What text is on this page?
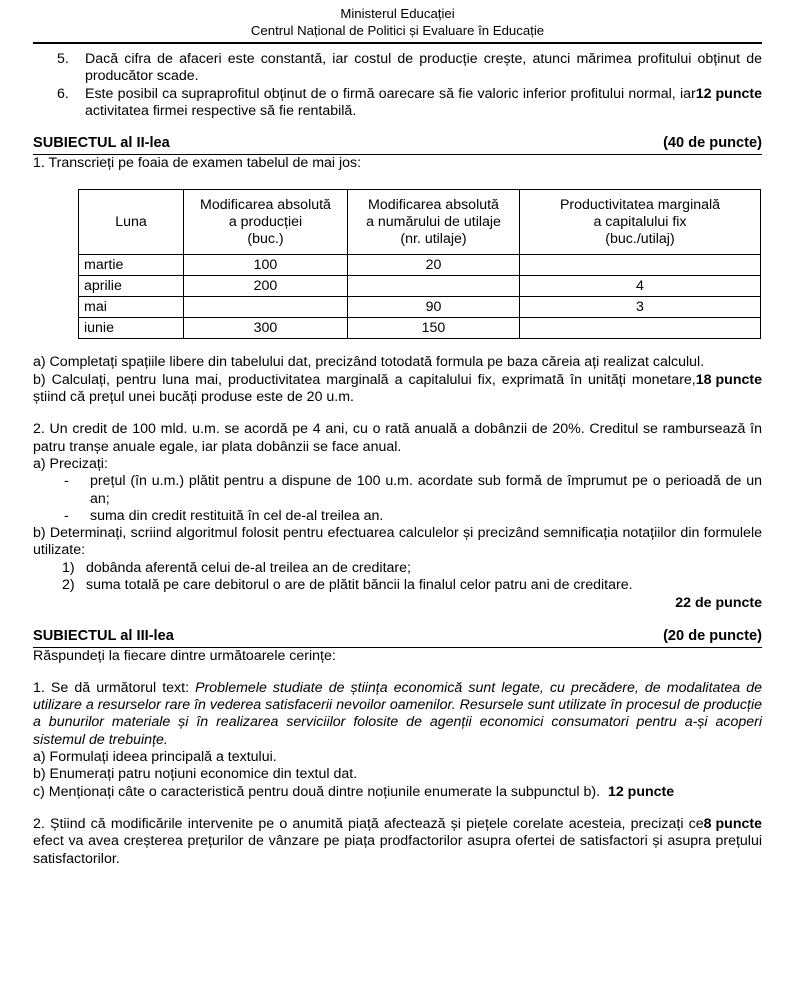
Ministerul Educației
Centrul Național de Politici și Evaluare în Educație
5.	Dacă cifra de afaceri este constantă, iar costul de producție crește, atunci mărimea profitului obținut de producător scade.
6.	12 puncte
Este posibil ca supraprofitul obținut de o firmă oarecare să fie valoric inferior profitului normal, iar activitatea firmei respective să fie rentabilă.
SUBIECTUL al II-lea	(40 de puncte)

1. Transcrieți pe foaia de examen tabelul de mai jos:

Luna	Modificarea absolută
a producției
(buc.)	Modificarea absolută
a numărului de utilaje
(nr. utilaje)	Productivitatea marginală
a capitalului fix
(buc./utilaj)
martie	100	20	
aprilie	200		4
mai		90	3
iunie	300	150	

a) Completați spațiile libere din tabelului dat, precizând totodată formula pe baza căreia ați realizat calculul.

18 puncte
b) Calculați, pentru luna mai, productivitatea marginală a capitalului fix, exprimată în unități monetare, știind că prețul unei bucăți produse este de 20 u.m.

2. Un credit de 100 mld. u.m. se acordă pe 4 ani, cu o rată anuală a dobânzii de 20%. Creditul se rambursează în patru tranșe anuale egale, iar plata dobânzii se face anual.

a) Precizați:

- prețul (în u.m.) plătit pentru a dispune de 100 u.m. acordate sub formă de împrumut pe o perioadă de un an;
- suma din credit restituită în cel de-al treilea an.

b) Determinați, scriind algoritmul folosit pentru efectuarea calculelor și precizând semnificația notațiilor din formulele utilizate:

1) dobânda aferentă celui de-al treilea an de creditare;
2) suma totală pe care debitorul o are de plătit băncii la finalul celor patru ani de creditare.

22 de puncte

SUBIECTUL al III-lea	(20 de puncte)

Răspundeți la fiecare dintre următoarele cerințe:

1. Se dă următorul text: Problemele studiate de știința economică sunt legate, cu precădere, de modalitatea de utilizare a resurselor rare în vederea satisfacerii nevoilor oamenilor. Resursele sunt utilizate în procesul de producție a bunurilor materiale și în realizarea serviciilor folosite de agenții economici consumatori pentru a-și acoperi sistemul de trebuințe.

a) Formulați ideea principală a textului.

b) Enumerați patru noțiuni economice din textul dat.

c) Menționați câte o caracteristică pentru două dintre noțiunile enumerate la subpunctul b). 12 puncte

8 puncte
2. Știind că modificările intervenite pe o anumită piață afectează și piețele corelate acesteia, precizați ce efect va avea creșterea prețurilor de vânzare pe piața prodfactorilor asupra ofertei de satisfactori și asupra prețului satisfactorilor.
